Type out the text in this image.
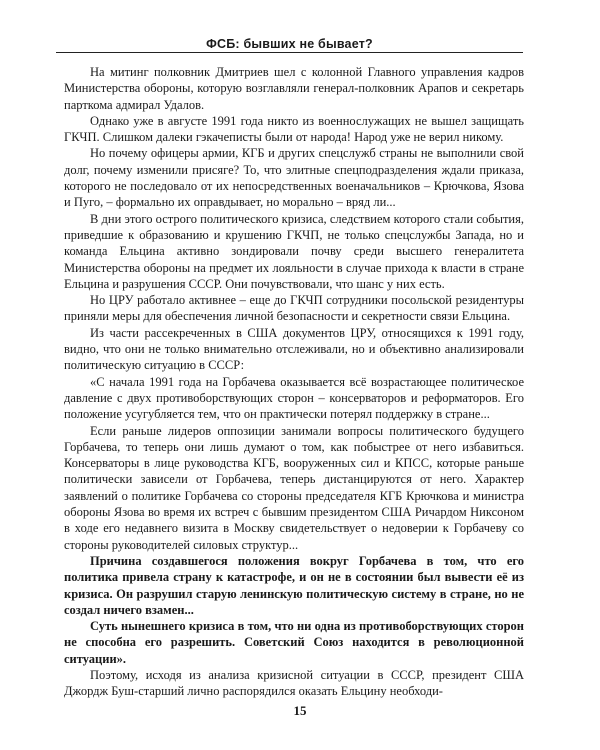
ФСБ: бывших не бывает?

На митинг полковник Дмитриев шел с колонной Главного управления кадров Министерства обороны, которую возглавляли генерал-полковник Арапов и секретарь парткома адмирал Удалов.

Однако уже в августе 1991 года никто из военнослужащих не вышел защищать ГКЧП. Слишком далеки гэкачеписты были от народа! Народ уже не верил никому.

Но почему офицеры армии, КГБ и других спецслужб страны не выполнили свой долг, почему изменили присяге? То, что элитные спецподразделения ждали приказа, которого не последовало от их непосредственных военачальников – Крючкова, Язова и Пуго, – формально их оправдывает, но морально – вряд ли...

В дни этого острого политического кризиса, следствием которого стали события, приведшие к образованию и крушению ГКЧП, не только спецслужбы Запада, но и команда Ельцина активно зондировали почву среди высшего генералитета Министерства обороны на предмет их лояльности в случае прихода к власти в стране Ельцина и разрушения СССР. Они почувствовали, что шанс у них есть.

Но ЦРУ работало активнее – еще до ГКЧП сотрудники посольской резидентуры приняли меры для обеспечения личной безопасности и секретности связи Ельцина.

Из части рассекреченных в США документов ЦРУ, относящихся к 1991 году, видно, что они не только внимательно отслеживали, но и объективно анализировали политическую ситуацию в СССР:

«С начала 1991 года на Горбачева оказывается всё возрастающее политическое давление с двух противоборствующих сторон – консерваторов и реформаторов. Его положение усугубляется тем, что он практически потерял поддержку в стране...

Если раньше лидеров оппозиции занимали вопросы политического будущего Горбачева, то теперь они лишь думают о том, как побыстрее от него избавиться. Консерваторы в лице руководства КГБ, вооруженных сил и КПСС, которые раньше политически зависели от Горбачева, теперь дистанцируются от него. Характер заявлений о политике Горбачева со стороны председателя КГБ Крючкова и министра обороны Язова во время их встреч с бывшим президентом США Ричардом Никсоном в ходе его недавнего визита в Москву свидетельствует о недоверии к Горбачеву со стороны руководителей силовых структур...

Причина создавшегося положения вокруг Горбачева в том, что его политика привела страну к катастрофе, и он не в состоянии был вывести её из кризиса. Он разрушил старую ленинскую политическую систему в стране, но не создал ничего взамен...

Суть нынешнего кризиса в том, что ни одна из противоборствующих сторон не способна его разрешить. Советский Союз находится в революционной ситуации».

Поэтому, исходя из анализа кризисной ситуации в СССР, президент США Джордж Буш-старший лично распорядился оказать Ельцину необходи-

15
